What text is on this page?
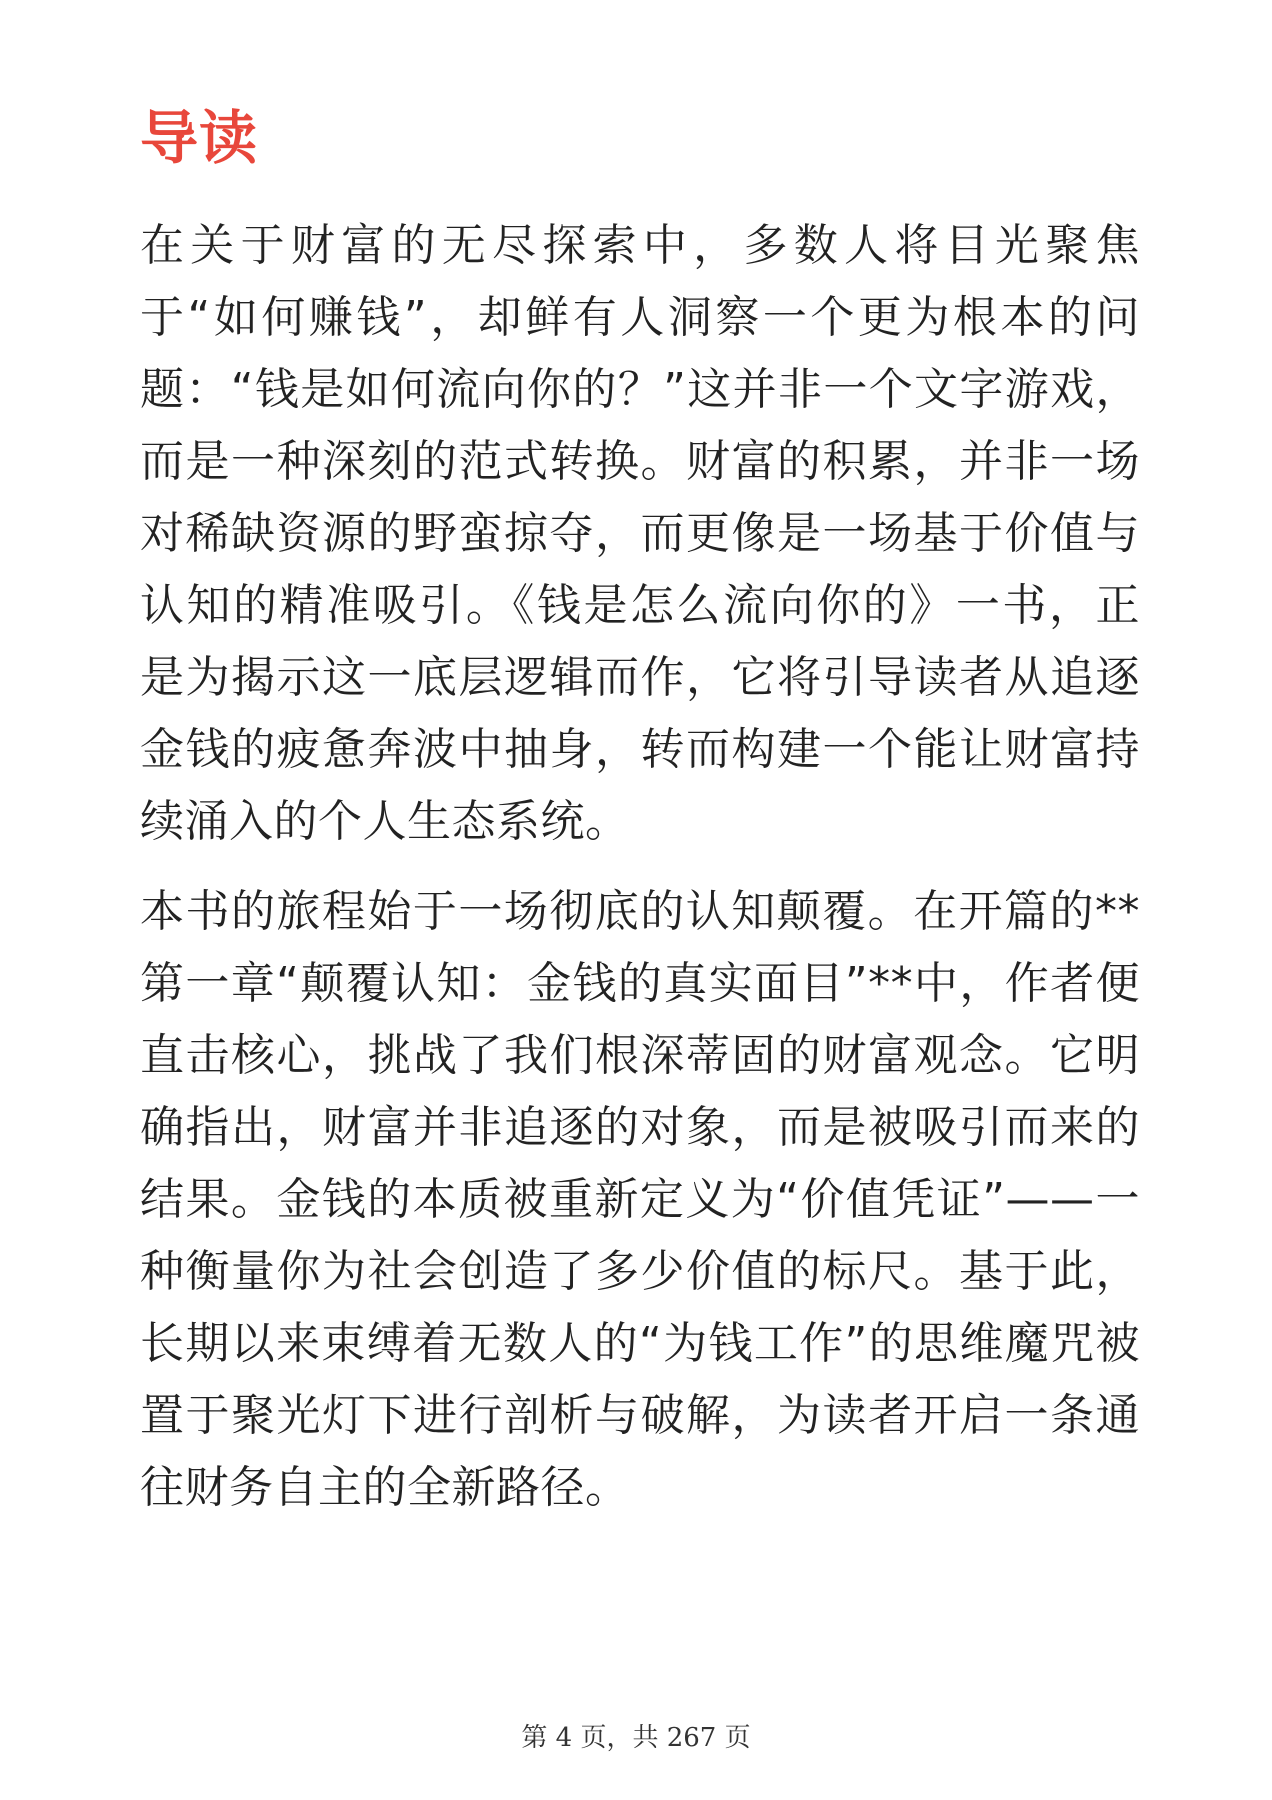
导读

在关于财富的无尽探索中，多数人将目光聚焦于“如何赚钱”，却鲜有人洞察一个更为根本的问题：“钱是如何流向你的？”这并非一个文字游戏，而是一种深刻的范式转换。财富的积累，并非一场对稀缺资源的野蛮掠夺，而更像是一场基于价值与认知的精准吸引。《钱是怎么流向你的》一书，正是为揭示这一底层逻辑而作，它将引导读者从追逐金钱的疲惫奔波中抽身，转而构建一个能让财富持续涌入的个人生态系统。

本书的旅程始于一场彻底的认知颠覆。在开篇的**第一章“颠覆认知：金钱的真实面目”**中，作者便直击核心，挑战了我们根深蒂固的财富观念。它明确指出，财富并非追逐的对象，而是被吸引而来的结果。金钱的本质被重新定义为“价值凭证”——一种衡量你为社会创造了多少价值的标尺。基于此，长期以来束缚着无数人的“为钱工作”的思维魔咒被置于聚光灯下进行剖析与破解，为读者开启一条通往财务自主的全新路径。

第 4 页，共 267 页
